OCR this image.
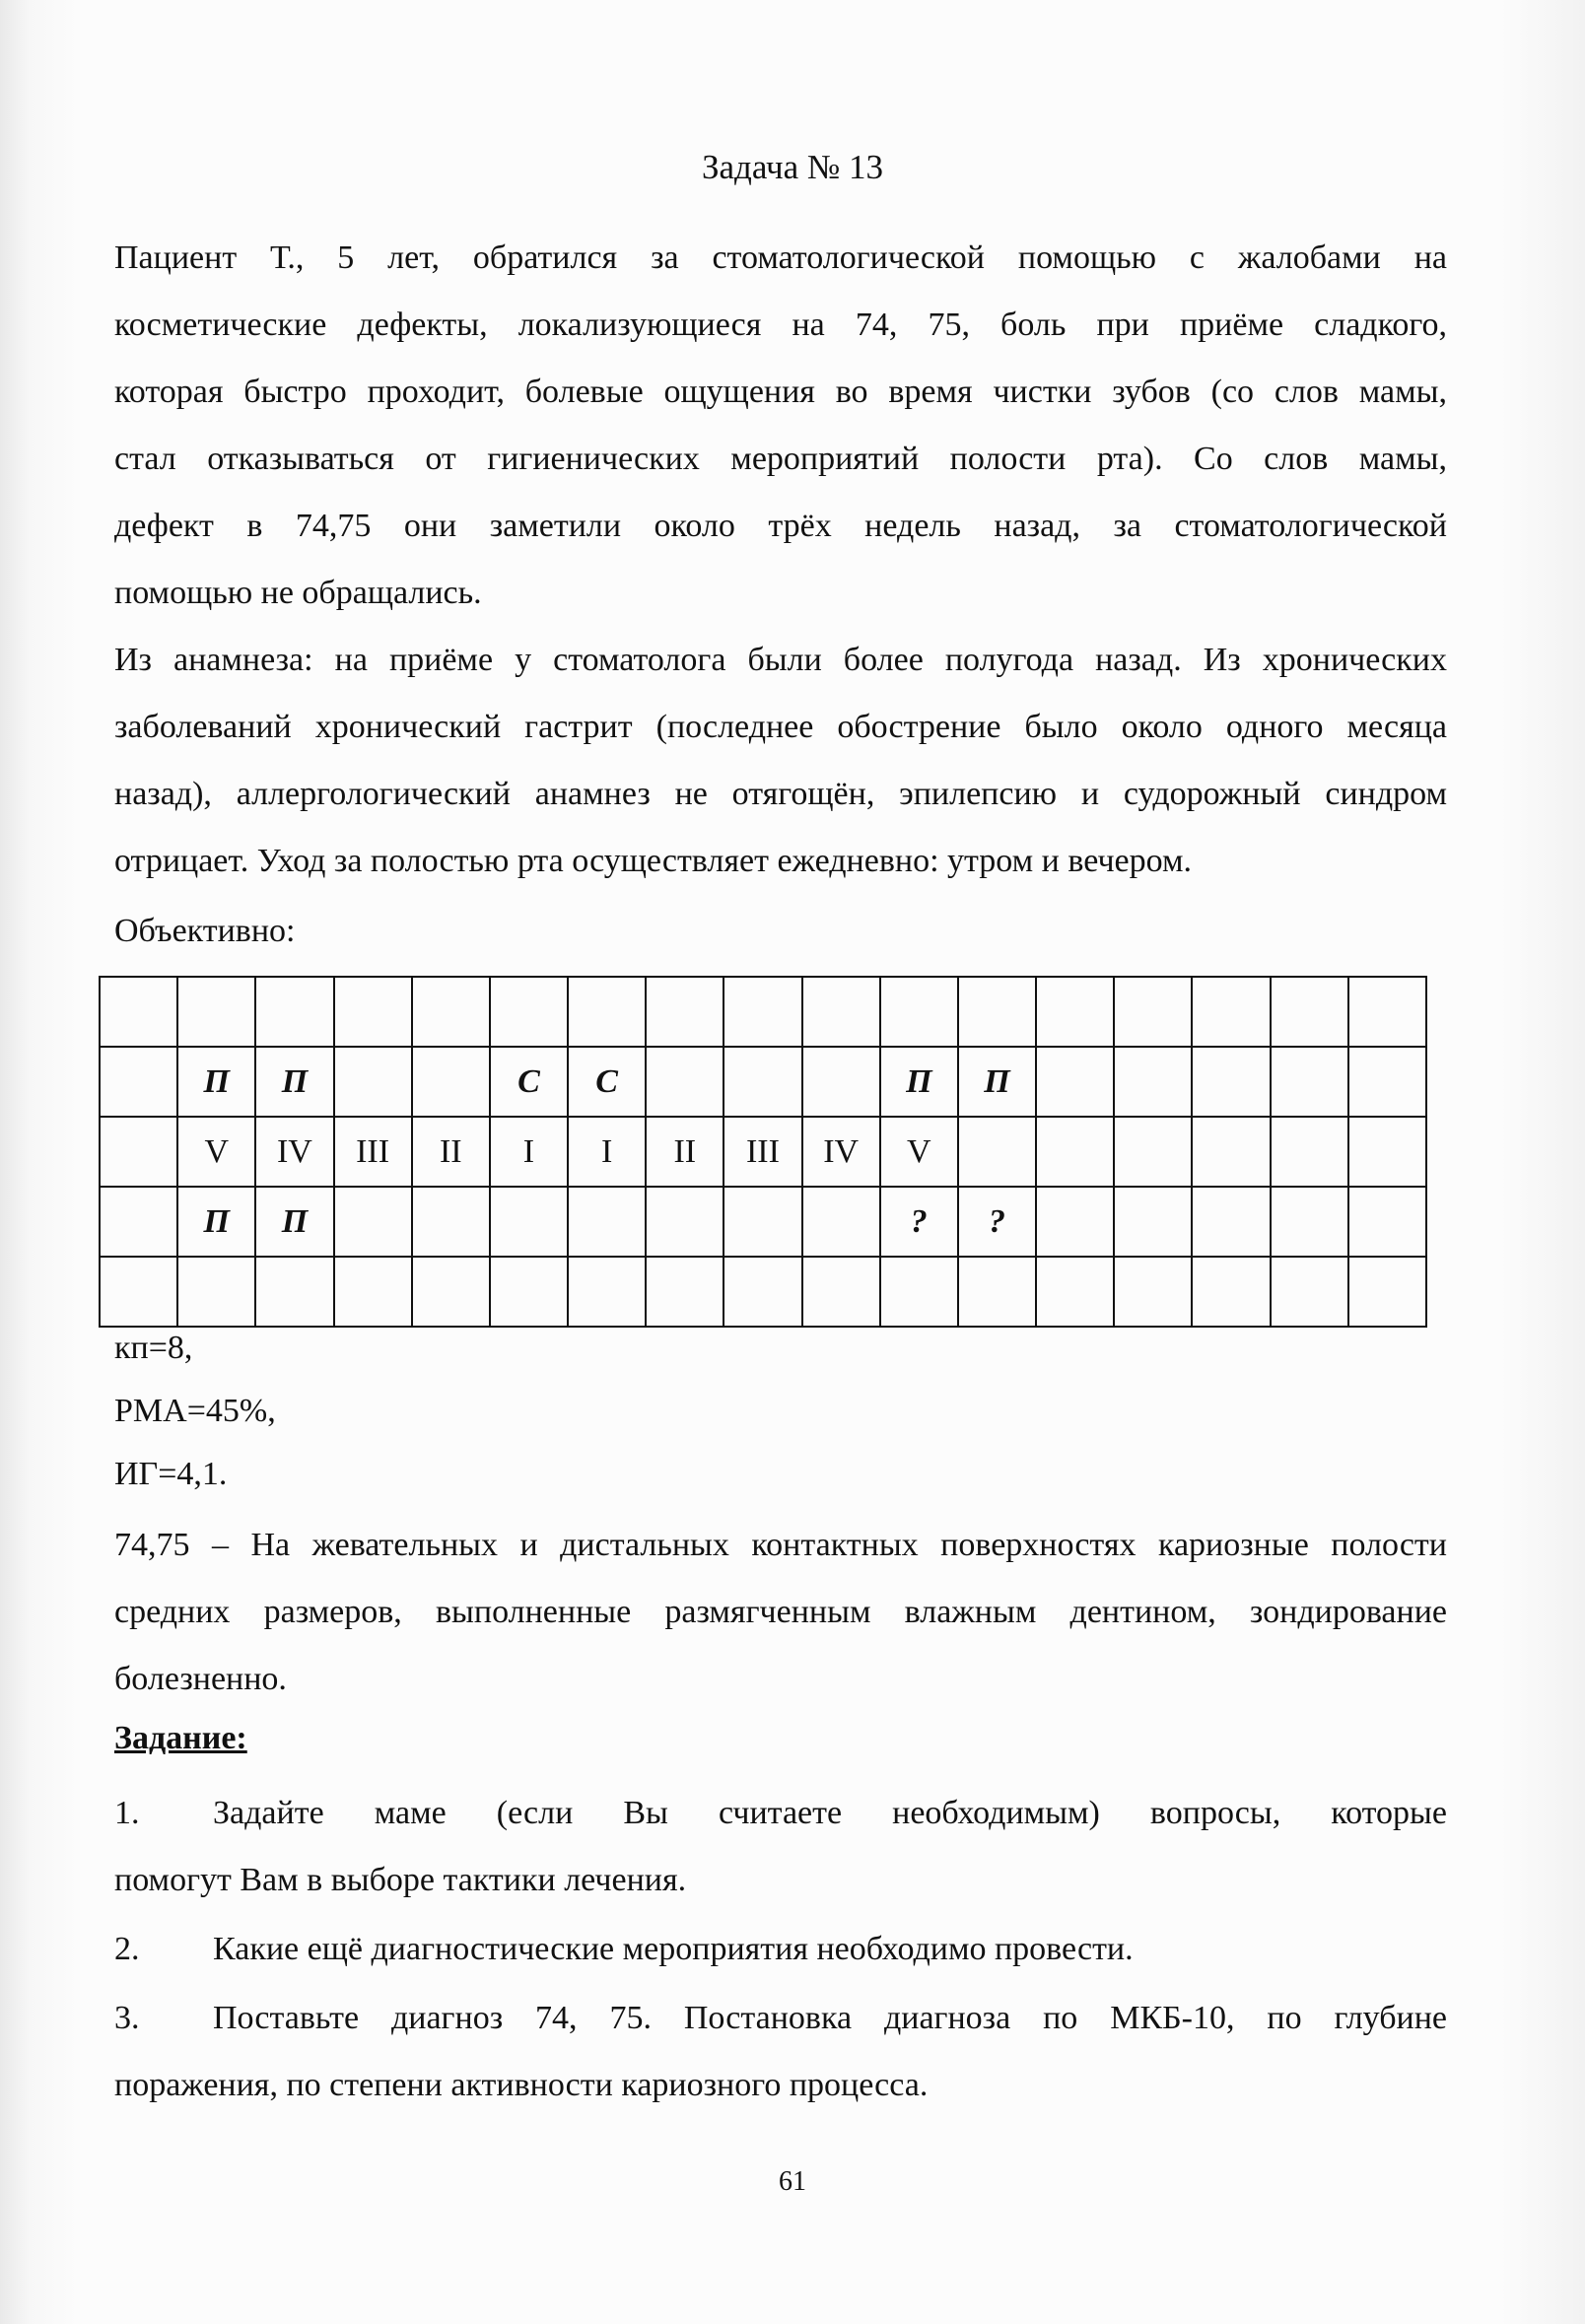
Задача № 13
Пациент Т., 5 лет, обратился за стоматологической помощью с жалобами на
косметические дефекты, локализующиеся на 74, 75, боль при приёме сладкого,
которая быстро проходит, болевые ощущения во время чистки зубов (со слов мамы,
стал отказываться от гигиенических мероприятий полости рта). Со слов мамы,
дефект в 74,75 они заметили около трёх недель назад, за стоматологической
помощью не обращались.
Из анамнеза: на приёме у стоматолога были более полугода назад. Из хронических
заболеваний хронический гастрит (последнее обострение было около одного месяца
назад), аллергологический анамнез не отягощён, эпилепсию и судорожный синдром
отрицает. Уход за полостью рта осуществляет ежедневно: утром и вечером.
Объективно:

	П	П			С	С				П	П					
	V	IV	III	II	I	I	II	III	IV	V						
	П	П								?	?					

кп=8,
РМА=45%,
ИГ=4,1.
74,75 – На жевательных и дистальных контактных поверхностях кариозные полости
средних размеров, выполненные размягченным влажным дентином, зондирование
болезненно.
Задание:
1.	Задайте маме (если Вы считаете необходимым) вопросы, которые
помогут Вам в выборе тактики лечения.
2.	Какие ещё диагностические мероприятия необходимо провести.
3.	Поставьте диагноз 74, 75. Постановка диагноза по МКБ-10, по глубине
поражения, по степени активности кариозного процесса.
61
